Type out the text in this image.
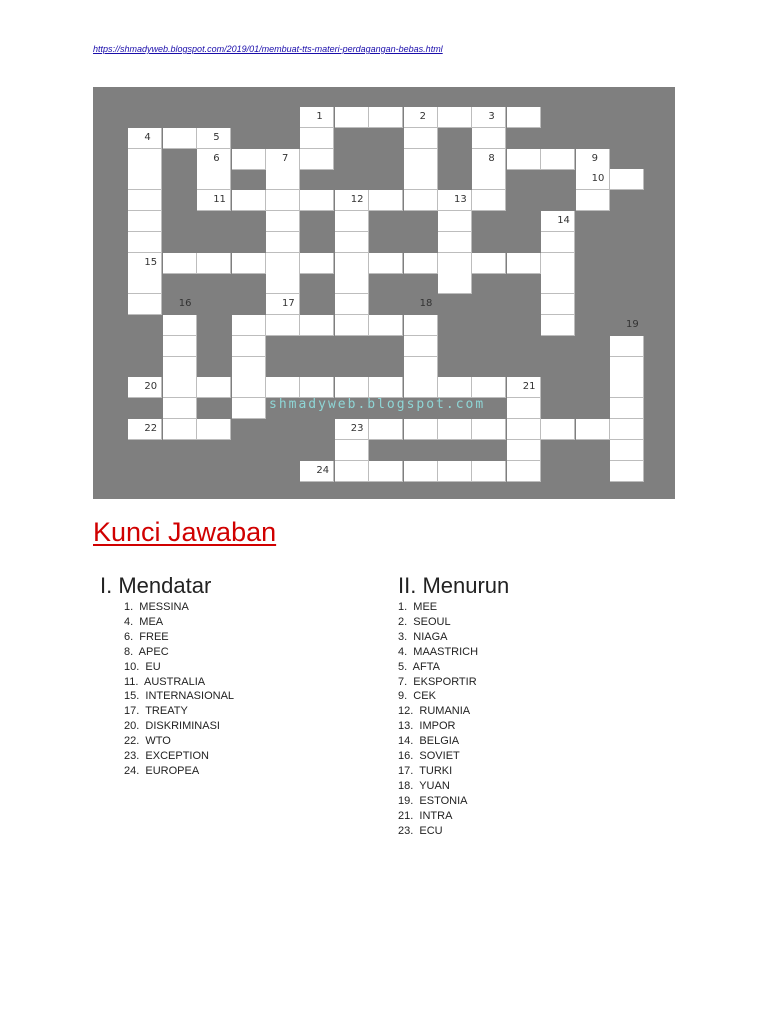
https://shmadyweb.blogspot.com/2019/01/membuat-tts-materi-perdagangan-bebas.html
1	2	3
4	5
6	7	8	9
10
11	12	13
14
15
16	17	18
19
20	21
22	23
24
shmadyweb.blogspot.com
Kunci Jawaban
I. Mendatar
1.  MESSINA
4.  MEA
6.  FREE
8.  APEC
10.  EU
11.  AUSTRALIA
15.  INTERNASIONAL
17.  TREATY
20.  DISKRIMINASI
22.  WTO
23.  EXCEPTION
24.  EUROPEA
II. Menurun
1.  MEE
2.  SEOUL
3.  NIAGA
4.  MAASTRICH
5.  AFTA
7.  EKSPORTIR
9.  CEK
12.  RUMANIA
13.  IMPOR
14.  BELGIA
16.  SOVIET
17.  TURKI
18.  YUAN
19.  ESTONIA
21.  INTRA
23.  ECU
